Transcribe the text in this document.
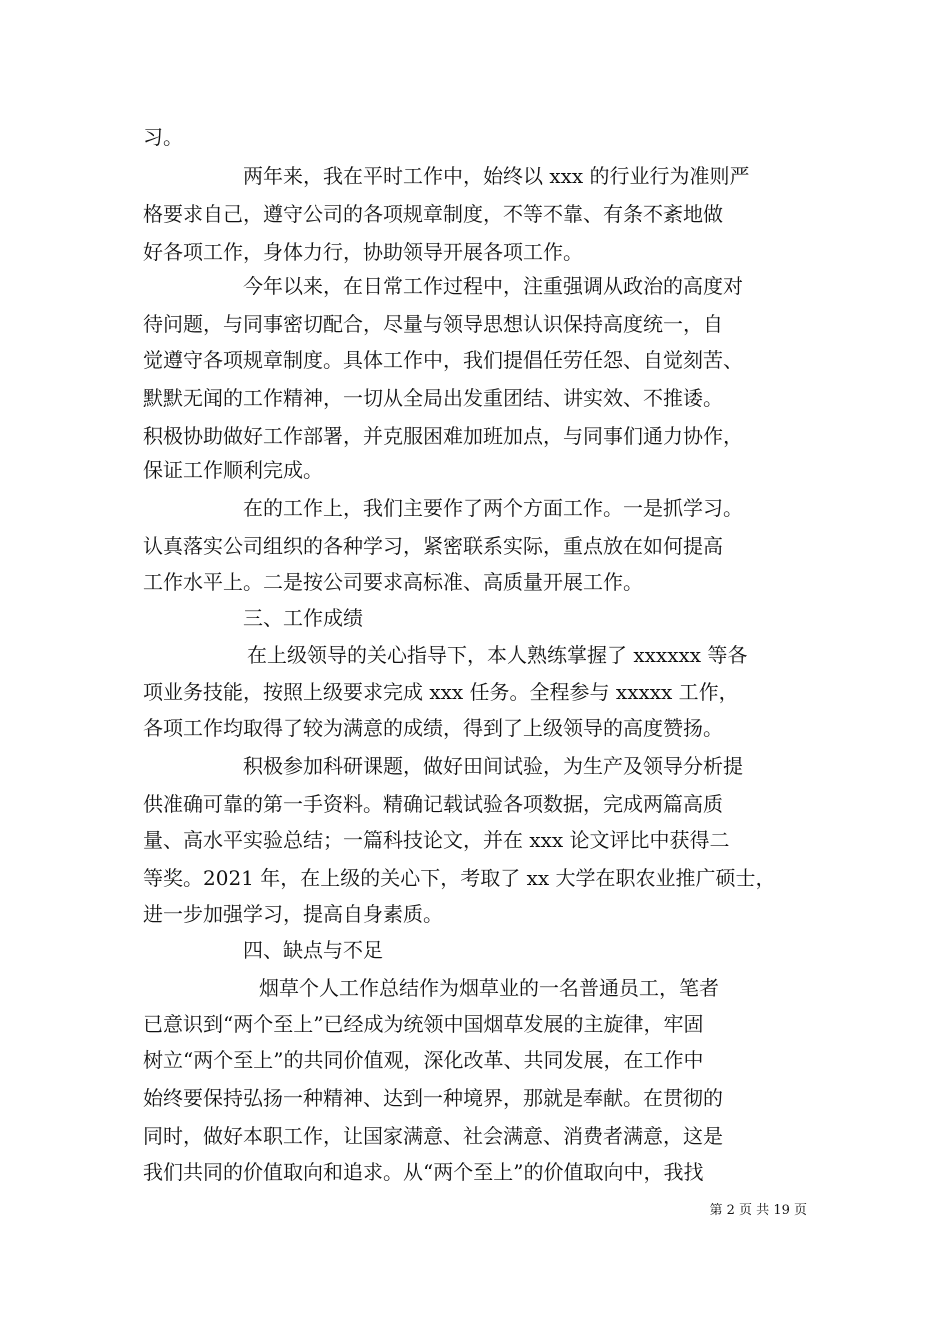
习。
两年来，我在平时工作中，始终以 xxx 的行业行为准则严
格要求自己，遵守公司的各项规章制度，不等不靠、有条不紊地做
好各项工作，身体力行，协助领导开展各项工作。
今年以来，在日常工作过程中，注重强调从政治的高度对
待问题，与同事密切配合，尽量与领导思想认识保持高度统一，自
觉遵守各项规章制度。具体工作中，我们提倡任劳任怨、自觉刻苦、
默默无闻的工作精神，一切从全局出发重团结、讲实效、不推诿。
积极协助做好工作部署，并克服困难加班加点，与同事们通力协作，
保证工作顺利完成。
在的工作上，我们主要作了两个方面工作。一是抓学习。
认真落实公司组织的各种学习，紧密联系实际，重点放在如何提高
工作水平上。二是按公司要求高标准、高质量开展工作。
三、工作成绩
在上级领导的关心指导下，本人熟练掌握了 xxxxxx 等各
项业务技能，按照上级要求完成 xxx 任务。全程参与 xxxxx 工作，
各项工作均取得了较为满意的成绩，得到了上级领导的高度赞扬。
积极参加科研课题，做好田间试验，为生产及领导分析提
供准确可靠的第一手资料。精确记载试验各项数据，完成两篇高质
量、高水平实验总结；一篇科技论文，并在 xxx 论文评比中获得二
等奖。2021 年，在上级的关心下，考取了 xx 大学在职农业推广硕士，
进一步加强学习，提高自身素质。
四、缺点与不足
烟草个人工作总结作为烟草业的一名普通员工，笔者
已意识到“两个至上”已经成为统领中国烟草发展的主旋律，牢固
树立“两个至上”的共同价值观，深化改革、共同发展，在工作中
始终要保持弘扬一种精神、达到一种境界，那就是奉献。在贯彻的
同时，做好本职工作，让国家满意、社会满意、消费者满意，这是
我们共同的价值取向和追求。从“两个至上”的价值取向中，我找
第 2 页 共 19 页
